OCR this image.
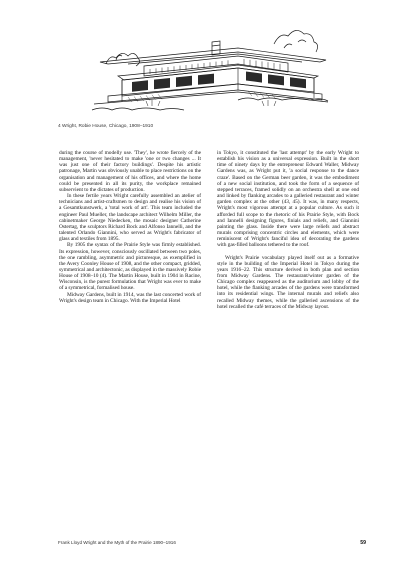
4 Wright, Robie House, Chicago, 1908–1910

during the course of modelly use. 'They', he wrote fiercely of the management, 'never hesitated to make 'one or two changes ... It was just one of their factory buildings'. Despite his artistic patronage, Martin was obviously unable to place restrictions on the organisation and management of his offices, and where the home could be presented in all its purity, the workplace remained subservient to the dictates of production.

In these fertile years Wright carefully assembled an atelier of technicians and artist-craftsmen to design and realise his vision of a Gesamtkunstwerk, a 'total work of art'. This team included the engineer Paul Mueller, the landscape architect Wilhelm Miller, the cabinetmaker George Niedecken, the mosaic designer Catherine Ostertag, the sculptors Richard Bock and Alfonso Iannelli, and the talented Orlando Giannini, who served as Wright's fabricator of glass and textiles from 1895.

By 1905 the syntax of the Prairie Style was firmly established. Its expression, however, consciously oscillated between two poles, the one rambling, asymmetric and picturesque, as exemplified in the Avery Coonley House of 1908, and the other compact, gridded, symmetrical and architectonic, as displayed in the massively Robie House of 1908–10 (4). The Martin House, built in 1904 in Racine, Wisconsin, is the purest formulation that Wright was ever to make of a symmetrical, formalised house.

Midway Gardens, built in 1914, was the last concerted work of Wright's design team in Chicago. With the Imperial Hotel

in Tokyo, it constituted the 'last attempt' by the early Wright to establish his vision as a universal expression. Built in the short time of ninety days by the entrepreneur Edward Waller, Midway Gardens was, as Wright put it, 'a social response to the dance craze'. Based on the German beer garden, it was the embodiment of a new social institution, and took the form of a sequence of stepped terraces, framed solidly on an orchestra shell at one end and linked by flanking arcades to a galleried restaurant and winter garden complex at the other (43, 45). It was, in many respects, Wright's most vigorous attempt at a popular culture. As such it afforded full scope to the rhetoric of his Prairie Style, with Bock and Iannelli designing figures, finials and reliefs, and Giannini painting the glass. Inside there were large reliefs and abstract murals comprising concentric circles and elements, which were reminiscent of Wright's fanciful idea of decorating the gardens with gas-filled balloons tethered to the roof.

Wright's Prairie vocabulary played itself out as a formative style in the building of the Imperial Hotel in Tokyo during the years 1916–22. This structure derived in both plan and section from Midway Gardens. The restaurant/winter garden of the Chicago complex reappeared as the auditorium and lobby of the hotel, while the flanking arcades of the gardens were transformed into its residential wings. The internal murals and reliefs also recalled Midway themes, while the galleried ascensions of the hotel recalled the café terraces of the Midway layout.

Frank Lloyd Wright and the Myth of the Prairie 1890–1916	59
